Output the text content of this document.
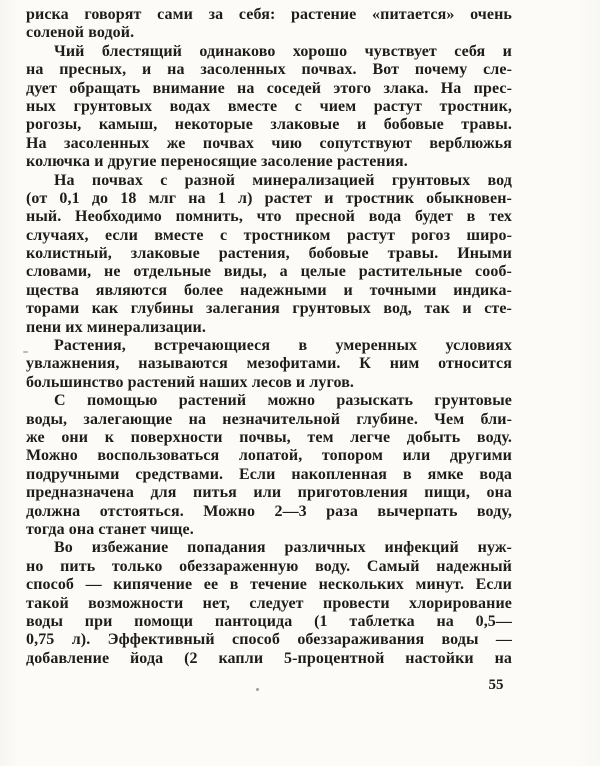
риска говорят сами за себя: растение «питается» очень
соленой водой.
Чий блестящий одинаково хорошо чувствует себя и
на пресных, и на засоленных почвах. Вот почему сле-
дует обращать внимание на соседей этого злака. На прес-
ных грунтовых водах вместе с чием растут тростник,
рогозы, камыш, некоторые злаковые и бобовые травы.
На засоленных же почвах чию сопутствуют верблюжья
колючка и другие переносящие засоление растения.
На почвах с разной минерализацией грунтовых вод
(от 0,1 до 18 млг на 1 л) растет и тростник обыкновен-
ный. Необходимо помнить, что пресной вода будет в тех
случаях, если вместе с тростником растут рогоз широ-
колистный, злаковые растения, бобовые травы. Иными
словами, не отдельные виды, а целые растительные сооб-
щества являются более надежными и точными индика-
торами как глубины залегания грунтовых вод, так и сте-
пени их минерализации.
Растения, встречающиеся в умеренных условиях
увлажнения, называются мезофитами. К ним относится
большинство растений наших лесов и лугов.
С помощью растений можно разыскать грунтовые
воды, залегающие на незначительной глубине. Чем бли-
же они к поверхности почвы, тем легче добыть воду.
Можно воспользоваться лопатой, топором или другими
подручными средствами. Если накопленная в ямке вода
предназначена для питья или приготовления пищи, она
должна отстояться. Можно 2—3 раза вычерпать воду,
тогда она станет чище.
Во избежание попадания различных инфекций нуж-
но пить только обеззараженную воду. Самый надежный
способ — кипячение ее в течение нескольких минут. Если
такой возможности нет, следует провести хлорирование
воды при помощи пантоцида (1 таблетка на 0,5—
0,75 л). Эффективный способ обеззараживания воды —
добавление йода (2 капли 5-процентной настойки на
55
